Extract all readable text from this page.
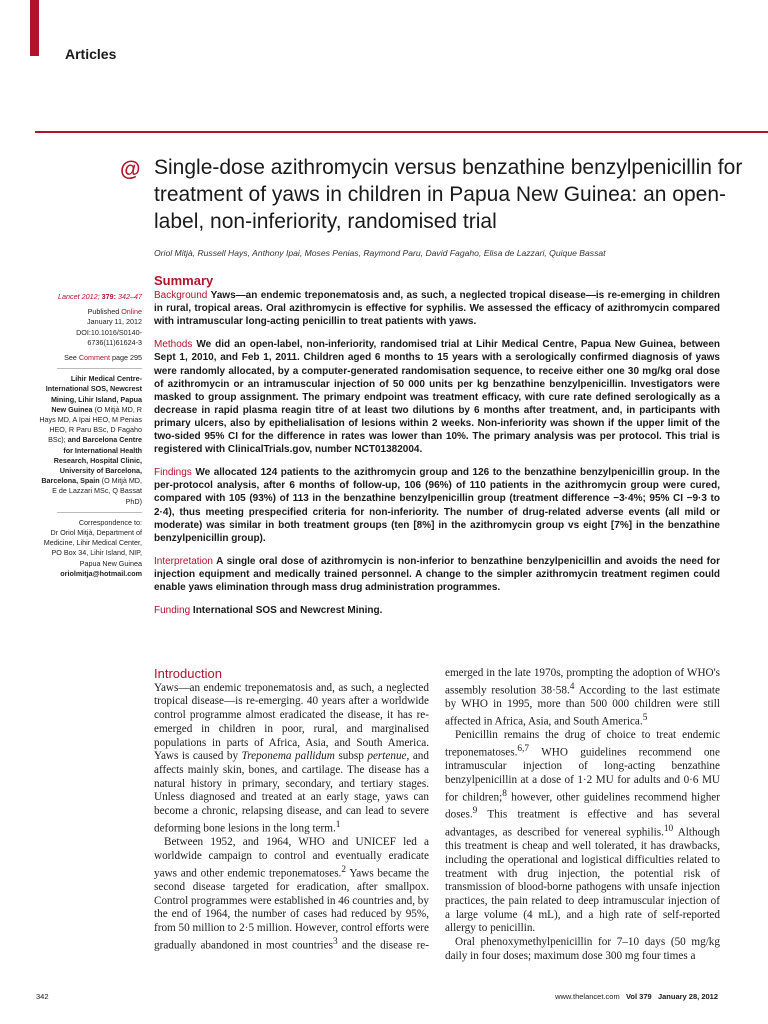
Articles
@ Single-dose azithromycin versus benzathine benzylpenicillin for treatment of yaws in children in Papua New Guinea: an open-label, non-inferiority, randomised trial
Oriol Mitjà, Russell Hays, Anthony Ipai, Moses Penias, Raymond Paru, David Fagaho, Elisa de Lazzari, Quique Bassat
Lancet 2012; 379: 342–47

Published Online

January 11, 2012

DOI:10.1016/S0140-

6736(11)61624-3

See Comment page 295
Lihir Medical Centre-International SOS, Newcrest Mining, Lihir Island, Papua New Guinea (O Mitjà MD, R Hays MD, A Ipai HEO, M Penias HEO, R Paru BSc, D Fagaho BSc); and Barcelona Centre for International Health Research, Hospital Clinic, University of Barcelona, Barcelona, Spain (O Mitjà MD, E de Lazzari MSc, Q Bassat PhD)

Correspondence to:

Dr Oriol Mitjà, Department of Medicine, Lihir Medical Center, PO Box 34, Lihir Island, NIP, Papua New Guinea

oriolmitja@hotmail.com

Summary

Background Yaws—an endemic treponematosis and, as such, a neglected tropical disease—is re-emerging in children in rural, tropical areas. Oral azithromycin is effective for syphilis. We assessed the efficacy of azithromycin compared with intramuscular long-acting penicillin to treat patients with yaws.

Methods We did an open-label, non-inferiority, randomised trial at Lihir Medical Centre, Papua New Guinea, between Sept 1, 2010, and Feb 1, 2011. Children aged 6 months to 15 years with a serologically confirmed diagnosis of yaws were randomly allocated, by a computer-generated randomisation sequence, to receive either one 30 mg/kg oral dose of azithromycin or an intramuscular injection of 50 000 units per kg benzathine benzylpenicillin. Investigators were masked to group assignment. The primary endpoint was treatment efficacy, with cure rate defined serologically as a decrease in rapid plasma reagin titre of at least two dilutions by 6 months after treatment, and, in participants with primary ulcers, also by epithelialisation of lesions within 2 weeks. Non-inferiority was shown if the upper limit of the two-sided 95% CI for the difference in rates was lower than 10%. The primary analysis was per protocol. This trial is registered with ClinicalTrials.gov, number NCT01382004.

Findings We allocated 124 patients to the azithromycin group and 126 to the benzathine benzylpenicillin group. In the per-protocol analysis, after 6 months of follow-up, 106 (96%) of 110 patients in the azithromycin group were cured, compared with 105 (93%) of 113 in the benzathine benzylpenicillin group (treatment difference −3·4%; 95% CI −9·3 to 2·4), thus meeting prespecified criteria for non-inferiority. The number of drug-related adverse events (all mild or moderate) was similar in both treatment groups (ten [8%] in the azithromycin group vs eight [7%] in the benzathine benzylpenicillin group).

Interpretation A single oral dose of azithromycin is non-inferior to benzathine benzylpenicillin and avoids the need for injection equipment and medically trained personnel. A change to the simpler azithromycin treatment regimen could enable yaws elimination through mass drug administration programmes.

Funding International SOS and Newcrest Mining.

Introduction

Yaws—an endemic treponematosis and, as such, a neglected tropical disease—is re-emerging. 40 years after a worldwide control programme almost eradicated the disease, it has re-emerged in children in poor, rural, and marginalised populations in parts of Africa, Asia, and South America. Yaws is caused by Treponema pallidum subsp pertenue, and affects mainly skin, bones, and cartilage. The disease has a natural history in primary, secondary, and tertiary stages. Unless diagnosed and treated at an early stage, yaws can become a chronic, relapsing disease, and can lead to severe deforming bone lesions in the long term.$^1$

Between 1952, and 1964, WHO and UNICEF led a worldwide campaign to control and eventually eradicate yaws and other endemic treponematoses.$^2$ Yaws became the second disease targeted for eradication, after smallpox. Control programmes were established in 46 countries and, by the end of 1964, the number of cases had reduced by 95%, from 50 million to 2·5 million. However, control efforts were gradually abandoned in most countries$^3$ and the disease re-emerged in the late 1970s, prompting the adoption of WHO's assembly resolution 38·58.$^4$ According to the last estimate by WHO in 1995, more than 500 000 children were still affected in Africa, Asia, and South America.$^5$

Penicillin remains the drug of choice to treat endemic treponematoses.$^{6,7}$ WHO guidelines recommend one intramuscular injection of long-acting benzathine benzylpenicillin at a dose of 1·2 MU for adults and 0·6 MU for children;$^8$ however, other guidelines recommend higher doses.$^9$ This treatment is effective and has several advantages, as described for venereal syphilis.$^{10}$ Although this treatment is cheap and well tolerated, it has drawbacks, including the operational and logistical difficulties related to treatment with drug injection, the potential risk of transmission of blood-borne pathogens with unsafe injection practices, the pain related to deep intramuscular injection of a large volume (4 mL), and a high rate of self-reported allergy to penicillin.

Oral phenoxymethylpenicillin for 7–10 days (50 mg/kg daily in four doses; maximum dose 300 mg four times a

342	www.thelancet.com Vol 379 January 28, 2012
